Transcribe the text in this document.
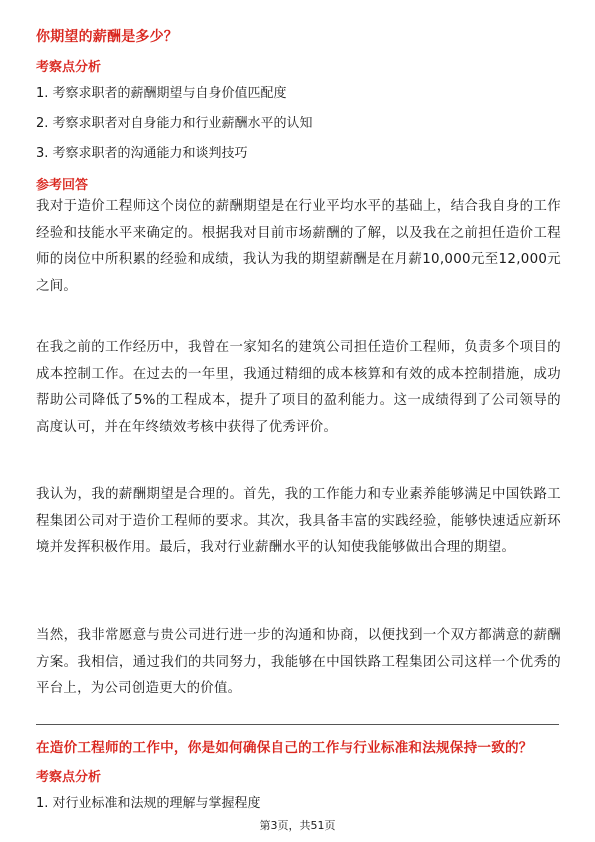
你期望的薪酬是多少？
考察点分析
1. 考察求职者的薪酬期望与自身价值匹配度
2. 考察求职者对自身能力和行业薪酬水平的认知
3. 考察求职者的沟通能力和谈判技巧
参考回答
我对于造价工程师这个岗位的薪酬期望是在行业平均水平的基础上，结合我自身的工作经验和技能水平来确定的。根据我对目前市场薪酬的了解，以及我在之前担任造价工程师的岗位中所积累的经验和成绩，我认为我的期望薪酬是在月薪10,000元至12,000元之间。
在我之前的工作经历中，我曾在一家知名的建筑公司担任造价工程师，负责多个项目的成本控制工作。在过去的一年里，我通过精细的成本核算和有效的成本控制措施，成功帮助公司降低了5%的工程成本，提升了项目的盈利能力。这一成绩得到了公司领导的高度认可，并在年终绩效考核中获得了优秀评价。
我认为，我的薪酬期望是合理的。首先，我的工作能力和专业素养能够满足中国铁路工程集团公司对于造价工程师的要求。其次，我具备丰富的实践经验，能够快速适应新环境并发挥积极作用。最后，我对行业薪酬水平的认知使我能够做出合理的期望。
当然，我非常愿意与贵公司进行进一步的沟通和协商，以便找到一个双方都满意的薪酬方案。我相信，通过我们的共同努力，我能够在中国铁路工程集团公司这样一个优秀的平台上，为公司创造更大的价值。
在造价工程师的工作中，你是如何确保自己的工作与行业标准和法规保持一致的？
考察点分析
1. 对行业标准和法规的理解与掌握程度
第3页，共51页
